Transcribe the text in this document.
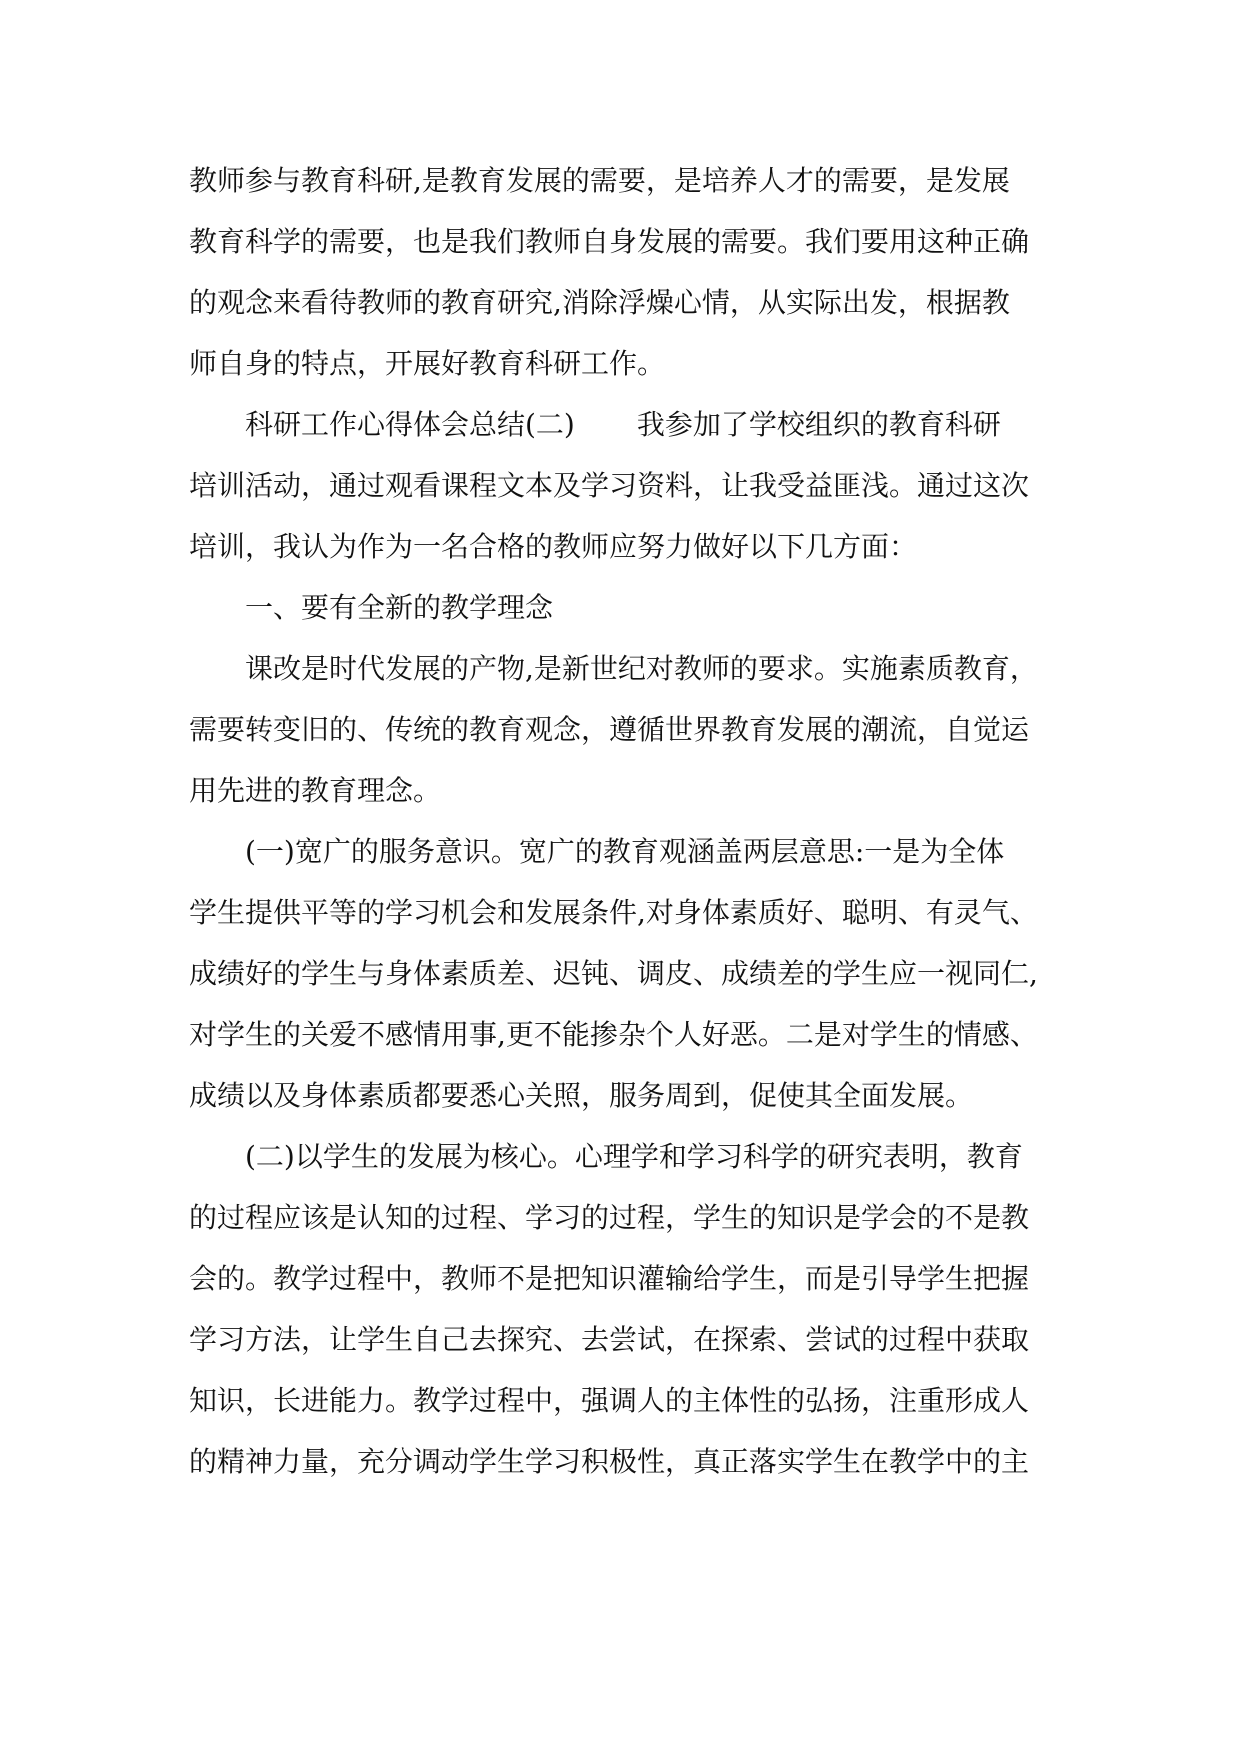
教师参与教育科研,是教育发展的需要，是培养人才的需要，是发展
教育科学的需要，也是我们教师自身发展的需要。我们要用这种正确
的观念来看待教师的教育研究,消除浮燥心情，从实际出发，根据教
师自身的特点，开展好教育科研工作。
科研工作心得体会总结(二) 我参加了学校组织的教育科研
培训活动，通过观看课程文本及学习资料，让我受益匪浅。通过这次
培训，我认为作为一名合格的教师应努力做好以下几方面：
一、要有全新的教学理念
课改是时代发展的产物,是新世纪对教师的要求。实施素质教育，
需要转变旧的、传统的教育观念，遵循世界教育发展的潮流，自觉运
用先进的教育理念。
(一)宽广的服务意识。宽广的教育观涵盖两层意思:一是为全体
学生提供平等的学习机会和发展条件,对身体素质好、聪明、有灵气、
成绩好的学生与身体素质差、迟钝、调皮、成绩差的学生应一视同仁,
对学生的关爱不感情用事,更不能掺杂个人好恶。二是对学生的情感、
成绩以及身体素质都要悉心关照，服务周到，促使其全面发展。
(二)以学生的发展为核心。心理学和学习科学的研究表明，教育
的过程应该是认知的过程、学习的过程，学生的知识是学会的不是教
会的。教学过程中，教师不是把知识灌输给学生，而是引导学生把握
学习方法，让学生自己去探究、去尝试，在探索、尝试的过程中获取
知识，长进能力。教学过程中，强调人的主体性的弘扬，注重形成人
的精神力量，充分调动学生学习积极性，真正落实学生在教学中的主
